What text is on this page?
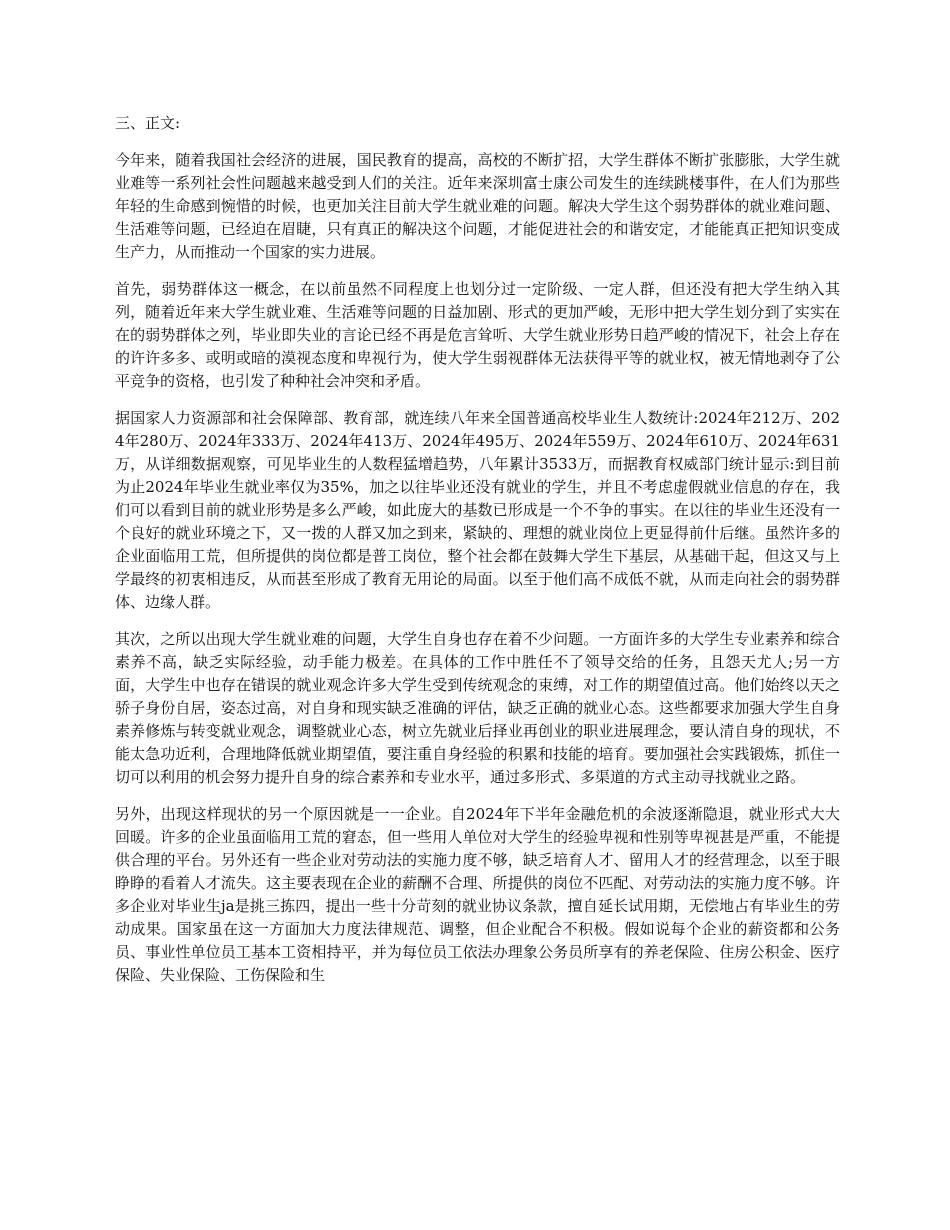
三、正文:

今年来，随着我国社会经济的进展，国民教育的提高，高校的不断扩招，大学生群体不断扩张膨胀，大学生就业难等一系列社会性问题越来越受到人们的关注。近年来深圳富士康公司发生的连续跳楼事件，在人们为那些年轻的生命感到惋惜的时候，也更加关注目前大学生就业难的问题。解决大学生这个弱势群体的就业难问题、生活难等问题，已经迫在眉睫，只有真正的解决这个问题，才能促进社会的和谐安定，才能能真正把知识变成生产力，从而推动一个国家的实力进展。

首先，弱势群体这一概念，在以前虽然不同程度上也划分过一定阶级、一定人群，但还没有把大学生纳入其列，随着近年来大学生就业难、生活难等问题的日益加剧、形式的更加严峻，无形中把大学生划分到了实实在在的弱势群体之列，毕业即失业的言论已经不再是危言耸听、大学生就业形势日趋严峻的情况下，社会上存在的许许多多、或明或暗的漠视态度和卑视行为，使大学生弱视群体无法获得平等的就业权，被无情地剥夺了公平竞争的资格，也引发了种种社会冲突和矛盾。

据国家人力资源部和社会保障部、教育部，就连续八年来全国普通高校毕业生人数统计:2024年212万、2024年280万、2024年333万、2024年413万、2024年495万、2024年559万、2024年610万、2024年631万，从详细数据观察，可见毕业生的人数程猛增趋势，八年累计3533万，而据教育权威部门统计显示:到目前为止2024年毕业生就业率仅为35%，加之以往毕业还没有就业的学生，并且不考虑虚假就业信息的存在，我们可以看到目前的就业形势是多么严峻，如此庞大的基数已形成是一个不争的事实。在以往的毕业生还没有一个良好的就业环境之下，又一拨的人群又加之到来，紧缺的、理想的就业岗位上更显得前什后继。虽然许多的企业面临用工荒，但所提供的岗位都是普工岗位，整个社会都在鼓舞大学生下基层，从基础干起，但这又与上学最终的初衷相违反，从而甚至形成了教育无用论的局面。以至于他们高不成低不就，从而走向社会的弱势群体、边缘人群。

其次，之所以出现大学生就业难的问题，大学生自身也存在着不少问题。一方面许多的大学生专业素养和综合素养不高，缺乏实际经验，动手能力极差。在具体的工作中胜任不了领导交给的任务，且怨天尤人;另一方面，大学生中也存在错误的就业观念许多大学生受到传统观念的束缚，对工作的期望值过高。他们始终以天之骄子身份自居，姿态过高，对自身和现实缺乏准确的评估，缺乏正确的就业心态。这些都要求加强大学生自身素养修炼与转变就业观念，调整就业心态，树立先就业后择业再创业的职业进展理念，要认清自身的现状，不能太急功近利，合理地降低就业期望值，要注重自身经验的积累和技能的培育。要加强社会实践锻炼，抓住一切可以利用的机会努力提升自身的综合素养和专业水平，通过多形式、多渠道的方式主动寻找就业之路。

另外，出现这样现状的另一个原因就是一一企业。自2024年下半年金融危机的余波逐渐隐退，就业形式大大回暖。许多的企业虽面临用工荒的窘态，但一些用人单位对大学生的经验卑视和性别等卑视甚是严重，不能提供合理的平台。另外还有一些企业对劳动法的实施力度不够，缺乏培育人才、留用人才的经营理念，以至于眼睁睁的看着人才流失。这主要表现在企业的薪酬不合理、所提供的岗位不匹配、对劳动法的实施力度不够。许多企业对毕业生ja是挑三拣四，提出一些十分苛刻的就业协议条款，擅自延长试用期，无偿地占有毕业生的劳动成果。国家虽在这一方面加大力度法律规范、调整，但企业配合不积极。假如说每个企业的薪资都和公务员、事业性单位员工基本工资相持平，并为每位员工依法办理象公务员所享有的养老保险、住房公积金、医疗保险、失业保险、工伤保险和生
